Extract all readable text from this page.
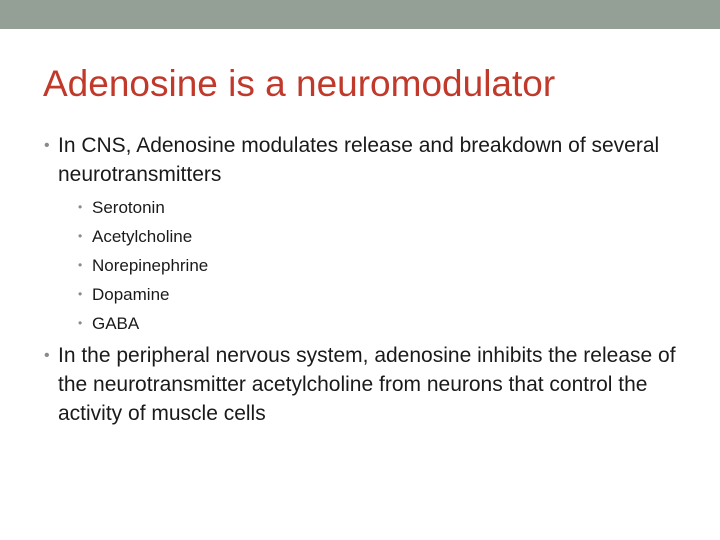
Adenosine is a neuromodulator
• In CNS, Adenosine modulates release and breakdown of several neurotransmitters
• Serotonin
• Acetylcholine
• Norepinephrine
• Dopamine
• GABA
• In the peripheral nervous system, adenosine inhibits the release of the neurotransmitter acetylcholine from neurons that control the activity of muscle cells
